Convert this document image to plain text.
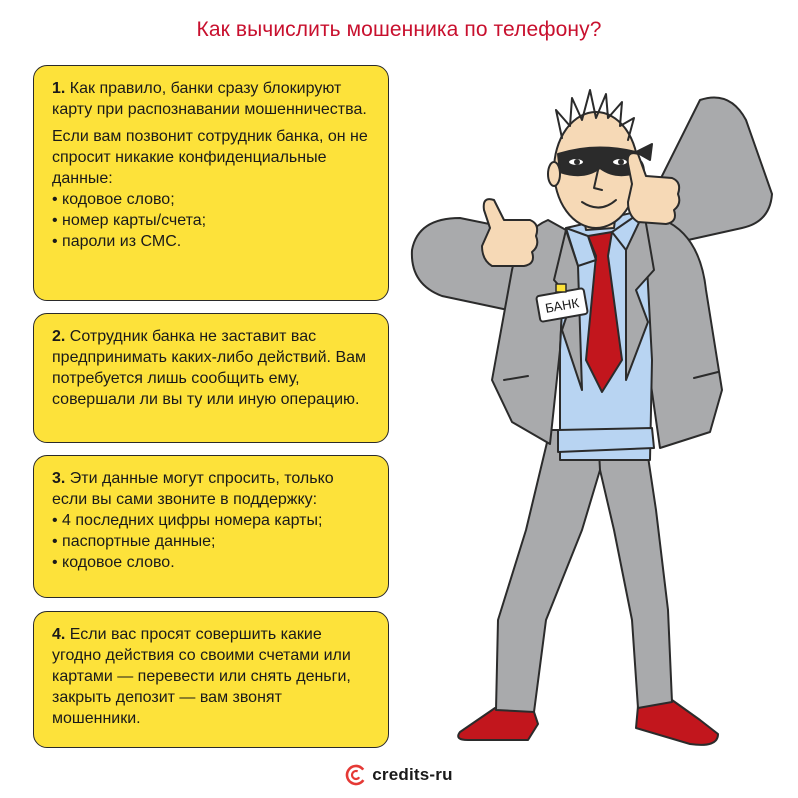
Как вычислить мошенника по телефону?

1. Как правило, банки сразу блокируют карту при распознавании мошенничества.

Если вам позвонит сотрудник банка, он не спросит никакие конфиденциальные данные:

• кодовое слово;
• номер карты/счета;
• пароли из СМС.

2. Сотрудник банка не заставит вас предпринимать каких-либо действий. Вам потребуется лишь сообщить ему, совершали ли вы ту или иную операцию.

3. Эти данные могут спросить, только если вы сами звоните в поддержку:

• 4 последних цифры номера карты;
• паспортные данные;
• кодовое слово.

4. Если вас просят совершить какие угодно действия со своими счетами или картами — перевести или снять деньги, закрыть депозит — вам звонят мошенники.

БАНК
credits-ru
